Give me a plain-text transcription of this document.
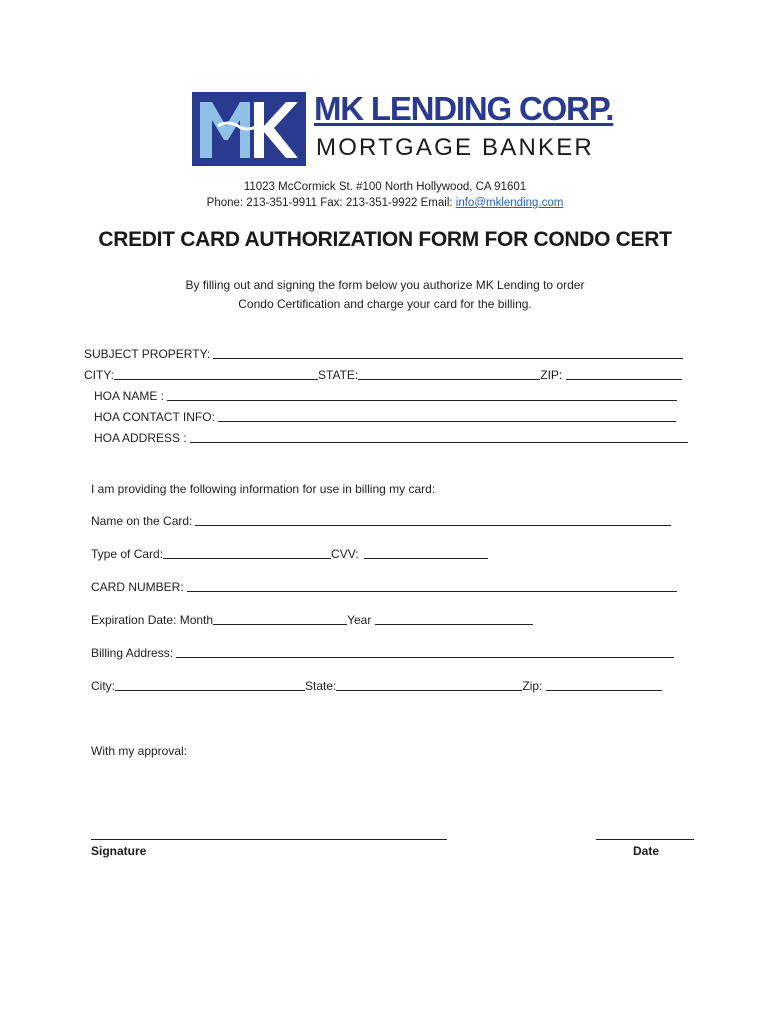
MK LENDING CORP.
MORTGAGE BANKER
11023 McCormick St. #100 North Hollywood, CA 91601
Phone: 213-351-9911 Fax: 213-351-9922 Email: info@mklending.com
CREDIT CARD AUTHORIZATION FORM FOR CONDO CERT
By filling out and signing the form below you authorize MK Lending to order
Condo Certification and charge your card for the billing.
SUBJECT PROPERTY:
CITY:	STATE:	ZIP:
HOA NAME :
HOA CONTACT INFO:
HOA ADDRESS :
I am providing the following information for use in billing my card:
Name on the Card:
Type of Card:	CVV:
CARD NUMBER:
Expiration Date: Month	Year
Billing Address:
City:	State:	Zip:
With my approval:
Signature	Date
